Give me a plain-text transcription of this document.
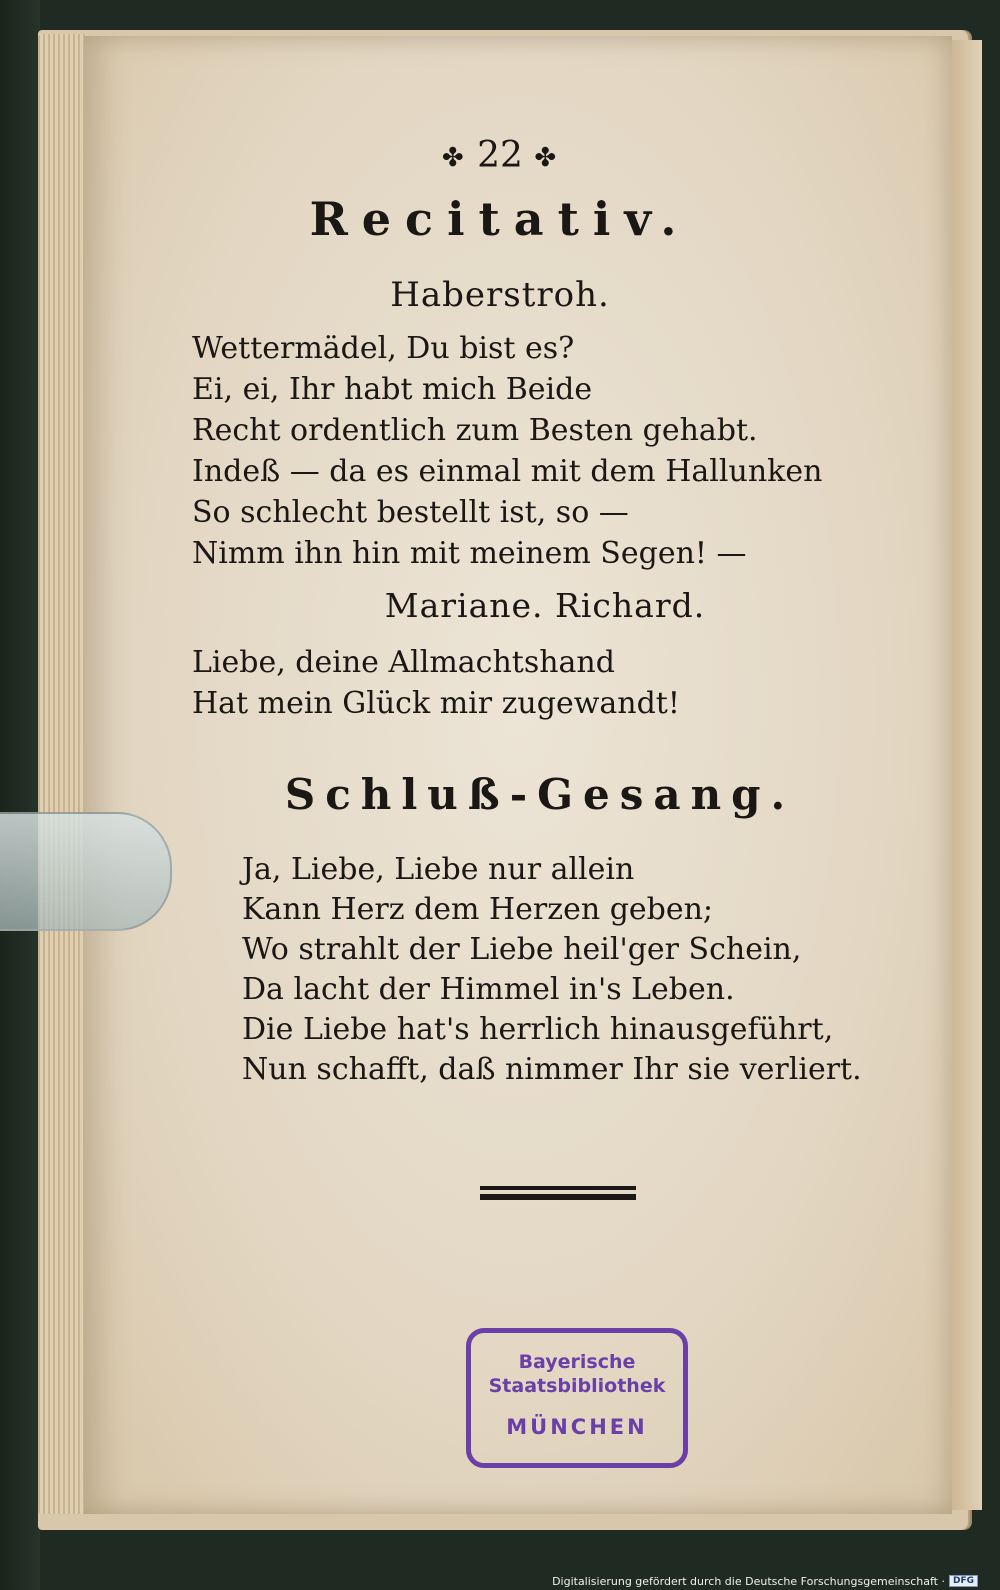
✤ 22 ✤
Recitativ.
Haberstroh.
Wettermädel, Du bist es?
Ei, ei, Ihr habt mich Beide
Recht ordentlich zum Besten gehabt.
Indeß — da es einmal mit dem Hallunken
So schlecht bestellt ist, so —
Nimm ihn hin mit meinem Segen! —
Mariane. Richard.
Liebe, deine Allmachtshand
Hat mein Glück mir zugewandt!
Schluß-Gesang.
Ja, Liebe, Liebe nur allein
Kann Herz dem Herzen geben;
Wo strahlt der Liebe heil'ger Schein,
Da lacht der Himmel in's Leben.
Die Liebe hat's herrlich hinausgeführt,
Nun schafft, daß nimmer Ihr sie verliert.
Bayerische
Staatsbibliothek
MÜNCHEN
Digitalisierung gefördert durch die Deutsche Forschungsgemeinschaft · DFG
